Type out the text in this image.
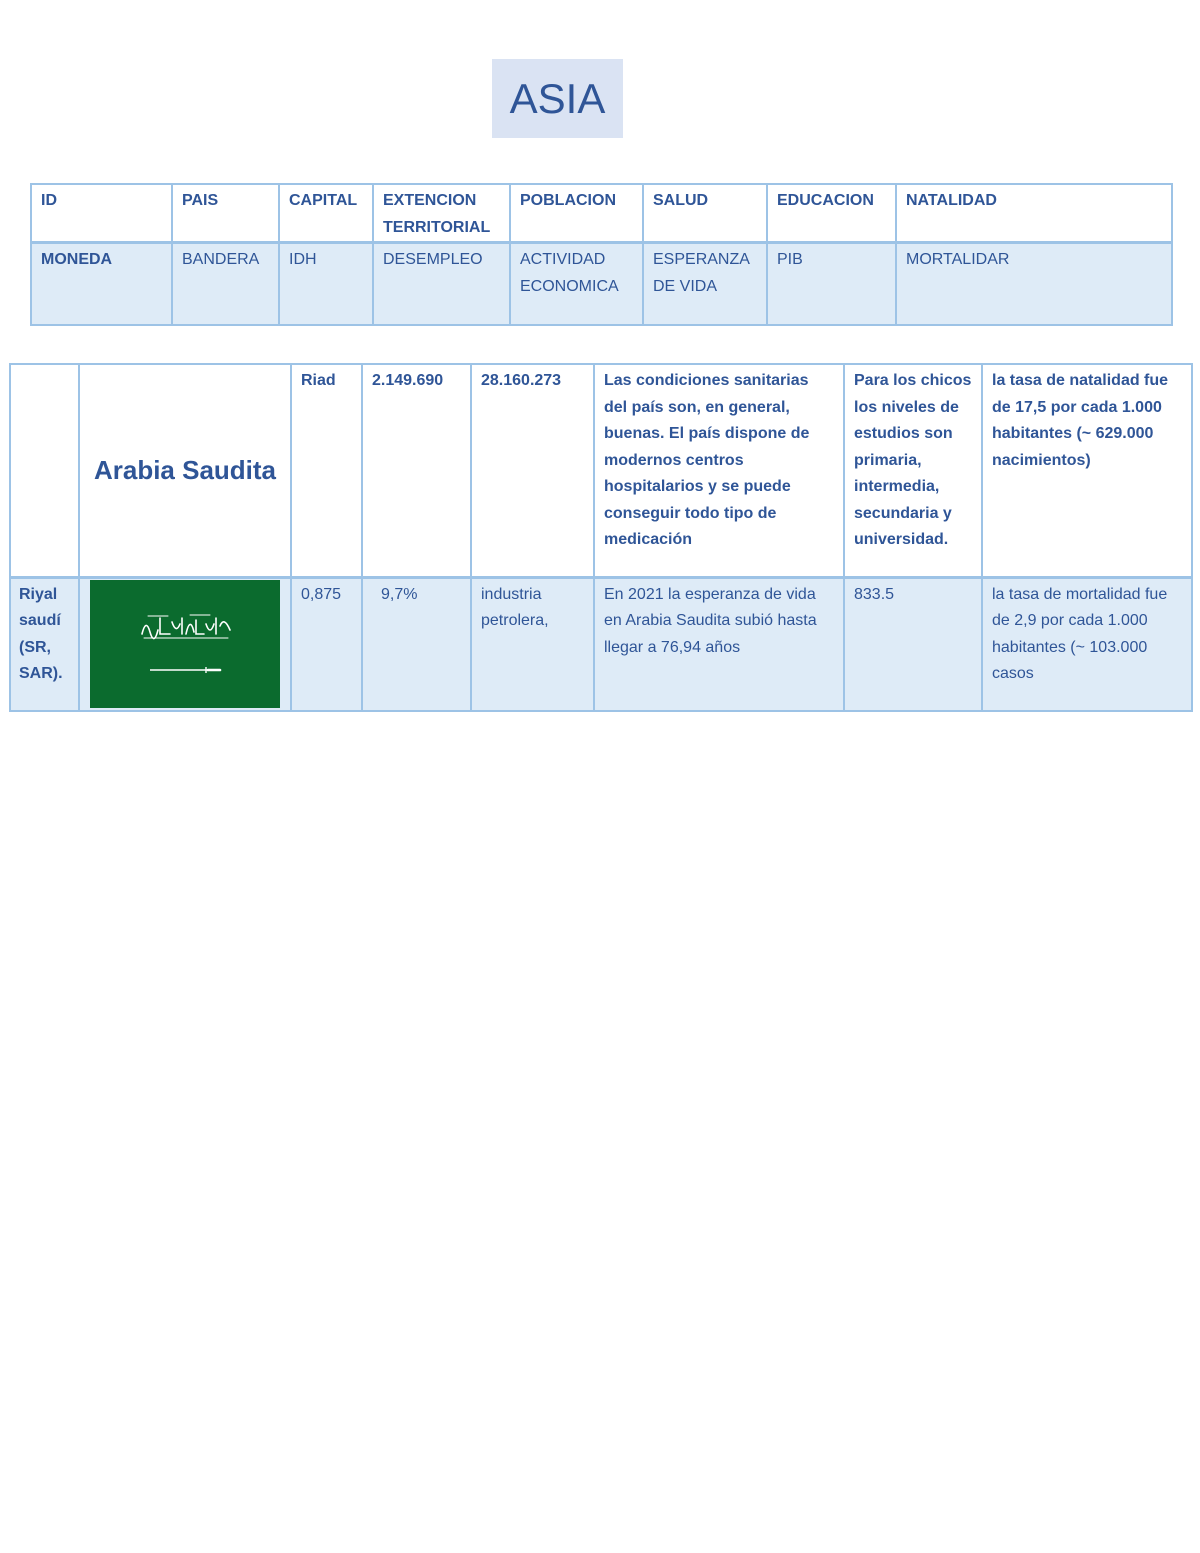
ASIA
ID	PAIS	CAPITAL	EXTENCION TERRITORIAL	POBLACION	SALUD	EDUCACION	NATALIDAD
MONEDA	BANDERA	IDH	DESEMPLEO	ACTIVIDAD ECONOMICA	ESPERANZA DE VIDA	PIB	MORTALIDAR
	Arabia Saudita	Riad	2.149.690	28.160.273	Las condiciones sanitarias del país son, en general, buenas. El país dispone de modernos centros hospitalarios y se puede conseguir todo tipo de medicación	Para los chicos los niveles de estudios son primaria, intermedia, secundaria y universidad.	la tasa de natalidad fue de 17,5 por cada 1.000 habitantes (~ 629.000 nacimientos)
Riyal saudí (SR, SAR).		0,875	9,7%	industria petrolera,	En 2021 la esperanza de vida en Arabia Saudita subió hasta llegar a 76,94 años	833.5	la tasa de mortalidad fue de 2,9 por cada 1.000 habitantes (~ 103.000 casos
